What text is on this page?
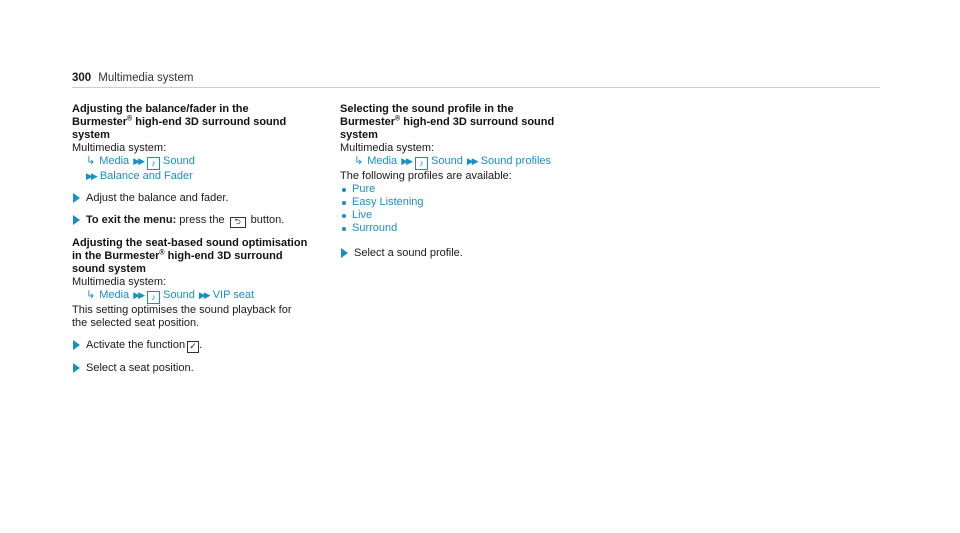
300 Multimedia system
Adjusting the balance/fader in the
Burmester® high-end 3D surround sound
system

Multimedia system:

↳ Media ▶▶ ♪ Sound

▶▶ Balance and Fader

Adjust the balance and fader.
To exit the menu: press the ⮌ button.
Adjusting the seat-based sound optimisation
in the Burmester® high-end 3D surround
sound system

Multimedia system:

↳ Media ▶▶ ♪ Sound ▶▶ VIP seat

This setting optimises the sound playback for
the selected seat position.

Activate the function ✓ .
Select a seat position.
Selecting the sound profile in the
Burmester® high-end 3D surround sound
system

Multimedia system:

↳ Media ▶▶ ♪ Sound ▶▶ Sound profiles

The following profiles are available:

Pure
Easy Listening
Live
Surround
Select a sound profile.
